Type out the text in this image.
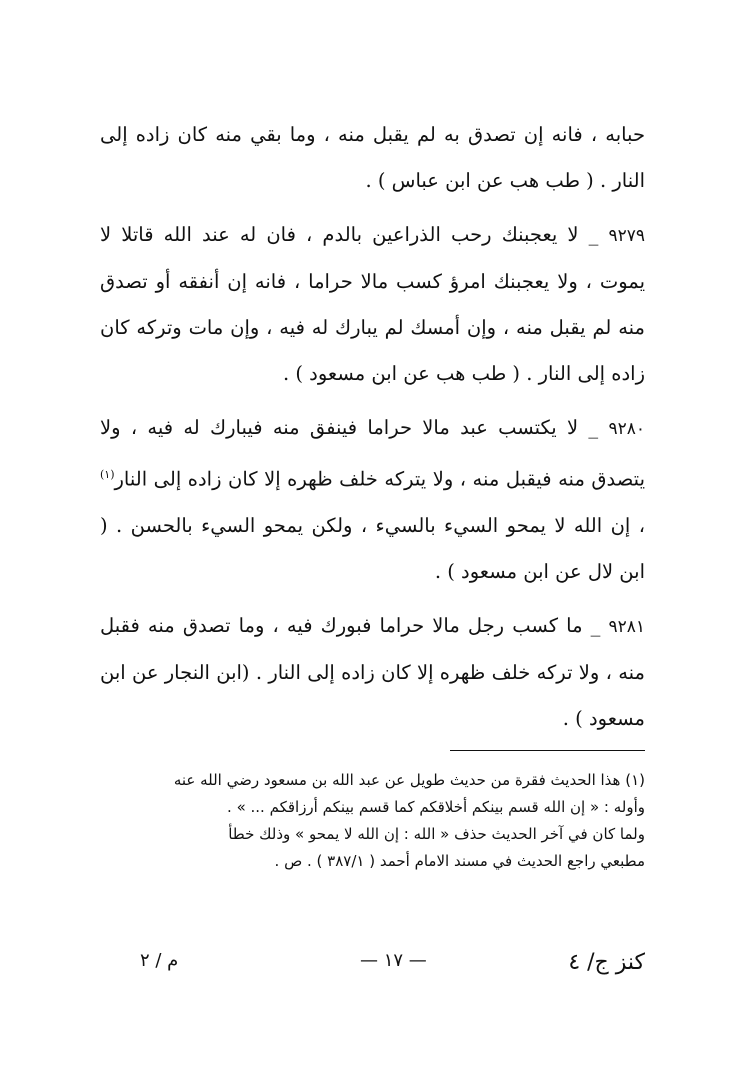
حبابه ، فانه إن تصدق به لم يقبل منه ، وما بقي منه كان زاده إلى النار . ( طب هب عن ابن عباس ) .

٩٢٧٩ _ لا يعجبنك رحب الذراعين بالدم ، فان له عند الله قاتلا لا يموت ، ولا يعجبنك امرؤ كسب مالا حراما ، فانه إن أنفقه أو تصدق منه لم يقبل منه ، وإن أمسك لم يبارك له فيه ، وإن مات وتركه كان زاده إلى النار . ( طب هب عن ابن مسعود ) .

٩٢٨٠ _ لا يكتسب عبد مالا حراما فينفق منه فيبارك له فيه ، ولا يتصدق منه فيقبل منه ، ولا يتركه خلف ظهره إلا كان زاده إلى النار$^{(١)}$ ، إن الله لا يمحو السيء بالسيء ، ولكن يمحو السيء بالحسن . ( ابن لال عن ابن مسعود ) .

٩٢٨١ _ ما كسب رجل مالا حراما فبورك فيه ، وما تصدق منه فقبل منه ، ولا تركه خلف ظهره إلا كان زاده إلى النار . (ابن النجار عن ابن مسعود ) .

(١) هذا الحديث فقرة من حديث طويل عن عبد الله بن مسعود رضي الله عنه

وأوله : « إن الله قسم بينكم أخلاقكم كما قسم بينكم أرزاقكم ... » .

ولما كان في آخر الحديث حذف « الله : إن الله لا يمحو » وذلك خطأ

مطبعي راجع الحديث في مسند الامام أحمد ( ٣٨٧/١ ) . ص .

كنز ج/ ٤
— ١٧ —
م / ٢
